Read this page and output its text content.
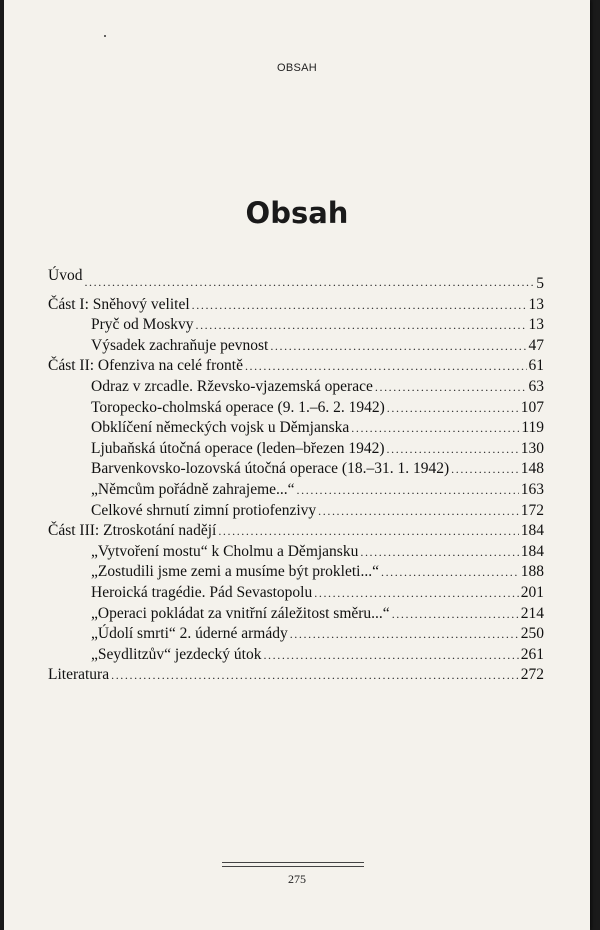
OBSAH
Obsah
Úvod .....	5
Část I: Sněhový velitel .....	13
Pryč od Moskvy .....	13
Výsadek zachraňuje pevnost .....	47
Část II: Ofenziva na celé frontě .....	61
Odraz v zrcadle. Rževsko-vjazemská operace .....	63
Toropecko-cholmská operace (9. 1.–6. 2. 1942) .....	107
Obklíčení německých vojsk u Děmjanska .....	119
Ljubaňská útočná operace (leden–březen 1942) .....	130
Barvenkovsko-lozovská útočná operace (18.–31. 1. 1942) .....	148
„Němcům pořádně zahrajeme...“ .....	163
Celkové shrnutí zimní protiofenzivy .....	172
Část III: Ztroskotání nadějí .....	184
„Vytvoření mostu“ k Cholmu a Děmjansku .....	184
„Zostudili jsme zemi a musíme být prokleti...“ .....	188
Heroická tragédie. Pád Sevastopolu .....	201
„Operaci pokládat za vnitřní záležitost směru...“ .....	214
„Údolí smrti“ 2. úderné armády .....	250
„Seydlitzův“ jezdecký útok .....	261
Literatura .....	272
275
